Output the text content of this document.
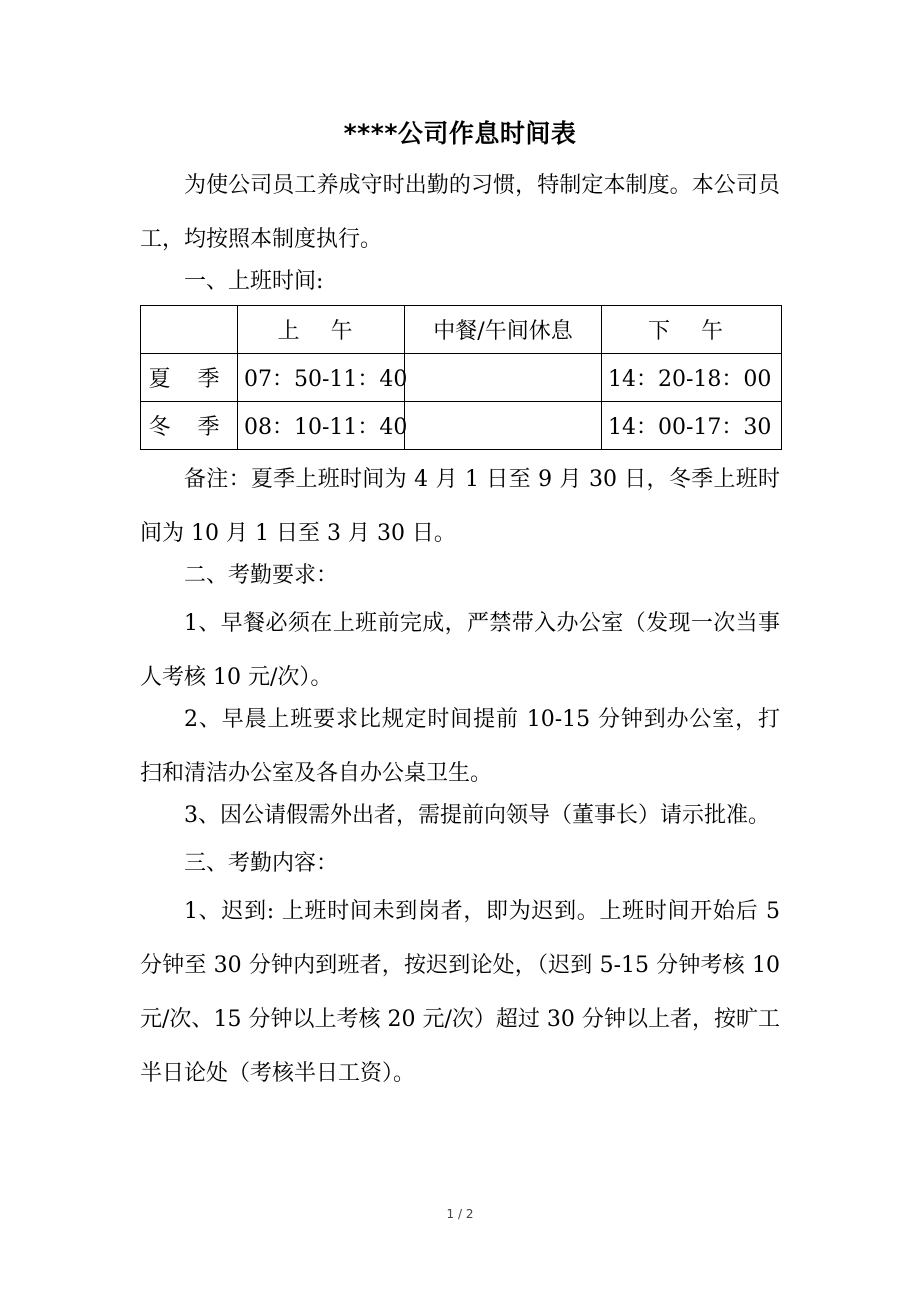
****公司作息时间表
为使公司员工养成守时出勤的习惯，特制定本制度。本公司员工，均按照本制度执行。
一、上班时间:
	上 午	中餐/午间休息	下 午
夏 季	07：50-11：40		14：20-18：00
冬 季	08：10-11：40		14：00-17：30
备注：夏季上班时间为 4 月 1 日至 9 月 30 日，冬季上班时间为 10 月 1 日至 3 月 30 日。
二、考勤要求：
1、早餐必须在上班前完成，严禁带入办公室（发现一次当事人考核 10 元/次）。
2、早晨上班要求比规定时间提前 10-15 分钟到办公室，打扫和清洁办公室及各自办公桌卫生。
3、因公请假需外出者，需提前向领导（董事长）请示批准。
三、考勤内容：
1、迟到: 上班时间未到岗者，即为迟到。上班时间开始后 5 分钟至 30 分钟内到班者，按迟到论处，（迟到 5-15 分钟考核 10 元/次、15 分钟以上考核 20 元/次）超过 30 分钟以上者，按旷工半日论处（考核半日工资）。
1 / 2
